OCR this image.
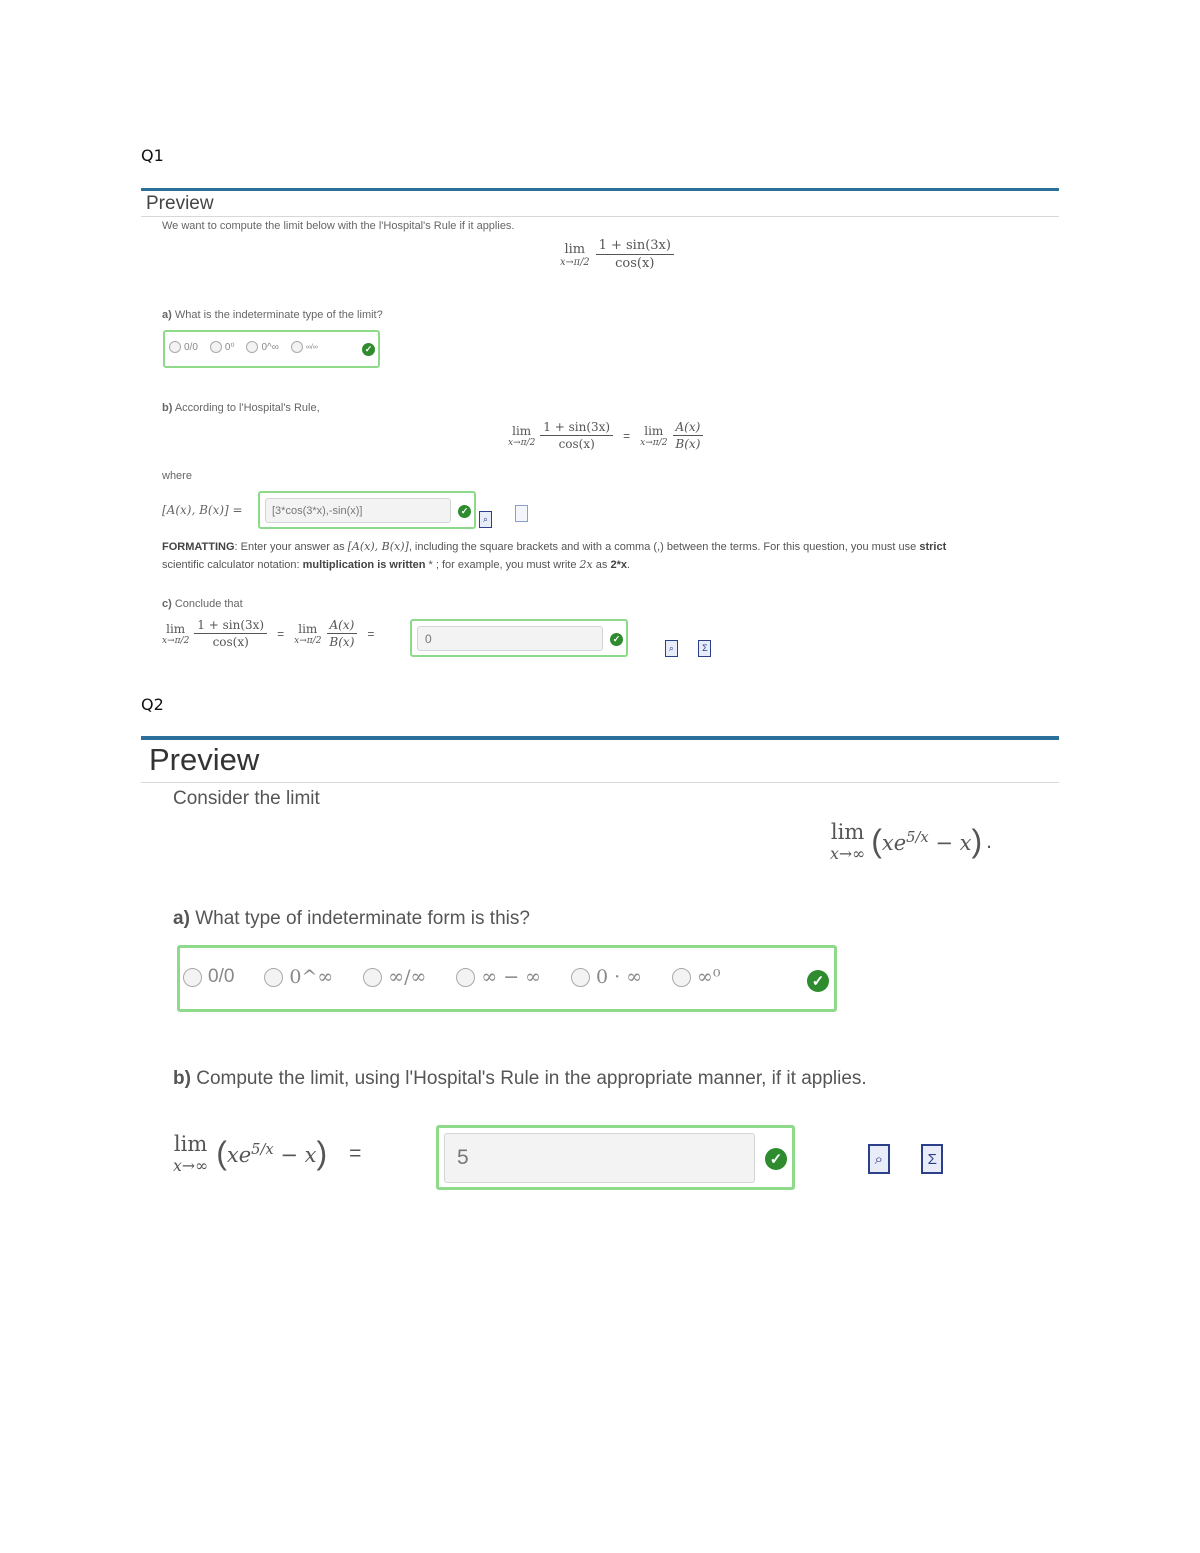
Q1
Preview
We want to compute the limit below with the l'Hospital's Rule if it applies.
lim
$x\to\pi/2 \frac{1 + \sin(3x)}{\cos(x)}$
a) What is the indeterminate type of the limit?
0/0	0⁰	0^∞	∞/∞	✓
b) According to l'Hospital's Rule,
lim
$x\to\pi/2 \frac{1 + \sin(3x)}{\cos(x)} = \lim$
$x\to\pi/2 \frac{A(x)}{B(x)}$
where
[A(x), B(x)] =	[3*cos(3*x),-sin(x)]	✓
⌕
FORMATTING: Enter your answer as [A(x), B(x)], including the square brackets and with a comma (,) between the terms. For this question, you must use strict
scientific calculator notation: multiplication is written * ; for example, you must write 2x as 2*x.
c) Conclude that
lim
$x\to\pi/2 \frac{1 + \sin(3x)}{\cos(x)} = \lim$
$x\to\pi/2 \frac{A(x)}{B(x)}$ =	0	✓
⌕	Σ
Q2
Preview
Consider the limit
lim
x→∞ ( $xe^{5/x} - x$ ) .
a) What type of indeterminate form is this?
0/0	0^∞	∞/∞	∞ − ∞	0 · ∞	∞⁰	✓
b) Compute the limit, using l'Hospital's Rule in the appropriate manner, if it applies.
lim
x→∞ ( $xe^{5/x} - x$ ) =	5	✓	⌕	Σ
